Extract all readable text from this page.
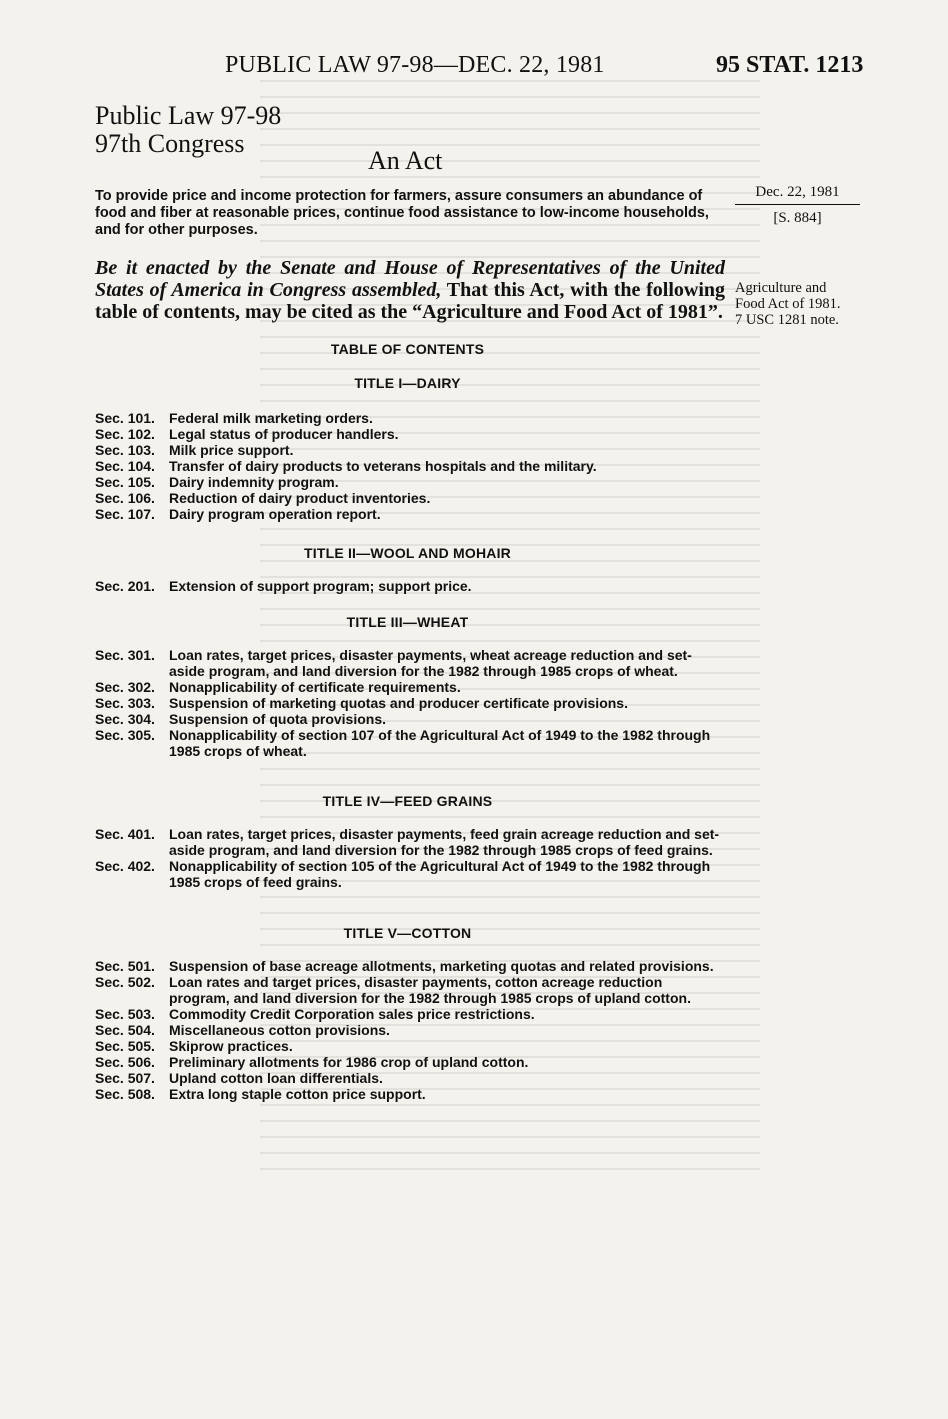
PUBLIC LAW 97-98—DEC. 22, 1981	95 STAT. 1213
Public Law 97-98
97th Congress
An Act
To provide price and income protection for farmers, assure consumers an abundance of food and fiber at reasonable prices, continue food assistance to low-income households, and for other purposes.
Dec. 22, 1981
[S. 884]
Agriculture and
Food Act of 1981.
7 USC 1281 note.
Be it enacted by the Senate and House of Representatives of the United States of America in Congress assembled, That this Act, with the following table of contents, may be cited as the “Agriculture and Food Act of 1981”.
TABLE OF CONTENTS
TITLE I—DAIRY
Sec. 101. Federal milk marketing orders.
Sec. 102. Legal status of producer handlers.
Sec. 103. Milk price support.
Sec. 104. Transfer of dairy products to veterans hospitals and the military.
Sec. 105. Dairy indemnity program.
Sec. 106. Reduction of dairy product inventories.
Sec. 107. Dairy program operation report.
TITLE II—WOOL AND MOHAIR
Sec. 201. Extension of support program; support price.
TITLE III—WHEAT
Sec. 301. Loan rates, target prices, disaster payments, wheat acreage reduction and set-aside program, and land diversion for the 1982 through 1985 crops of wheat.
Sec. 302. Nonapplicability of certificate requirements.
Sec. 303. Suspension of marketing quotas and producer certificate provisions.
Sec. 304. Suspension of quota provisions.
Sec. 305. Nonapplicability of section 107 of the Agricultural Act of 1949 to the 1982 through 1985 crops of wheat.
TITLE IV—FEED GRAINS
Sec. 401. Loan rates, target prices, disaster payments, feed grain acreage reduction and set-aside program, and land diversion for the 1982 through 1985 crops of feed grains.
Sec. 402. Nonapplicability of section 105 of the Agricultural Act of 1949 to the 1982 through 1985 crops of feed grains.
TITLE V—COTTON
Sec. 501. Suspension of base acreage allotments, marketing quotas and related provisions.
Sec. 502. Loan rates and target prices, disaster payments, cotton acreage reduction program, and land diversion for the 1982 through 1985 crops of upland cotton.
Sec. 503. Commodity Credit Corporation sales price restrictions.
Sec. 504. Miscellaneous cotton provisions.
Sec. 505. Skiprow practices.
Sec. 506. Preliminary allotments for 1986 crop of upland cotton.
Sec. 507. Upland cotton loan differentials.
Sec. 508. Extra long staple cotton price support.
